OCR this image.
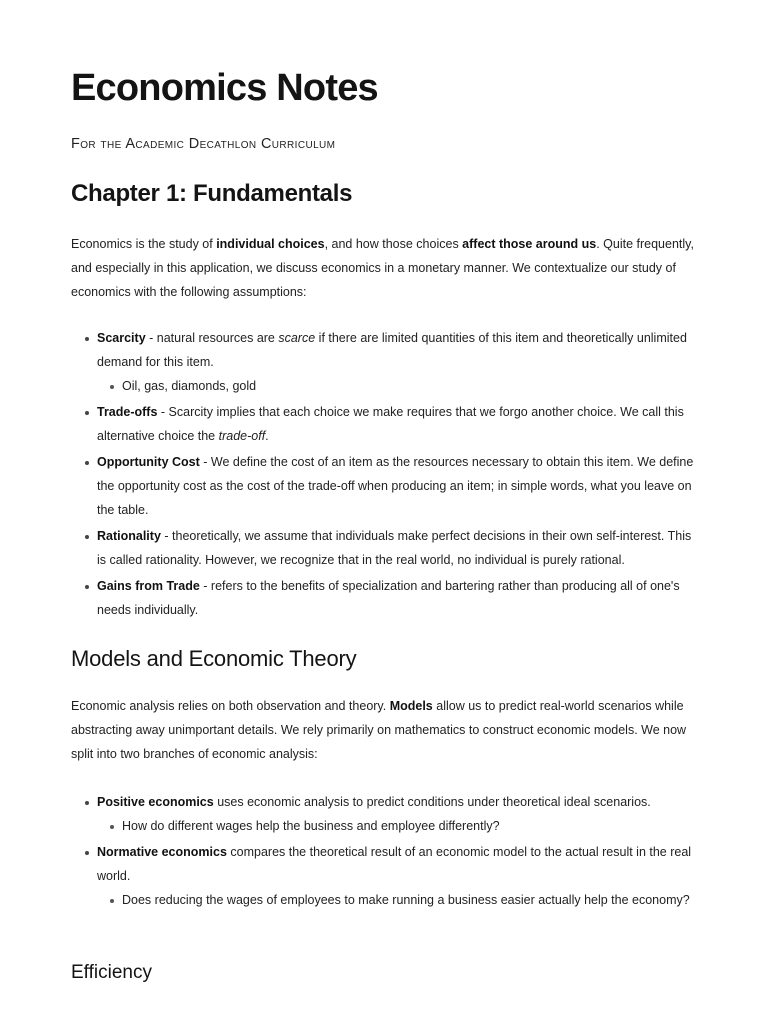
Economics Notes

For the Academic Decathlon Curriculum

Chapter 1: Fundamentals

Economics is the study of individual choices, and how those choices affect those around us. Quite frequently, and especially in this application, we discuss economics in a monetary manner. We contextualize our study of economics with the following assumptions:

Scarcity - natural resources are scarce if there are limited quantities of this item and theoretically unlimited demand for this item.
Oil, gas, diamonds, gold
Trade-offs - Scarcity implies that each choice we make requires that we forgo another choice. We call this alternative choice the trade-off.
Opportunity Cost - We define the cost of an item as the resources necessary to obtain this item. We define the opportunity cost as the cost of the trade-off when producing an item; in simple words, what you leave on the table.
Rationality - theoretically, we assume that individuals make perfect decisions in their own self-interest. This is called rationality. However, we recognize that in the real world, no individual is purely rational.
Gains from Trade - refers to the benefits of specialization and bartering rather than producing all of one's needs individually.
Models and Economic Theory

Economic analysis relies on both observation and theory. Models allow us to predict real-world scenarios while abstracting away unimportant details. We rely primarily on mathematics to construct economic models. We now split into two branches of economic analysis:

Positive economics uses economic analysis to predict conditions under theoretical ideal scenarios.
How do different wages help the business and employee differently?
Normative economics compares the theoretical result of an economic model to the actual result in the real world.
Does reducing the wages of employees to make running a business easier actually help the economy?
Efficiency
